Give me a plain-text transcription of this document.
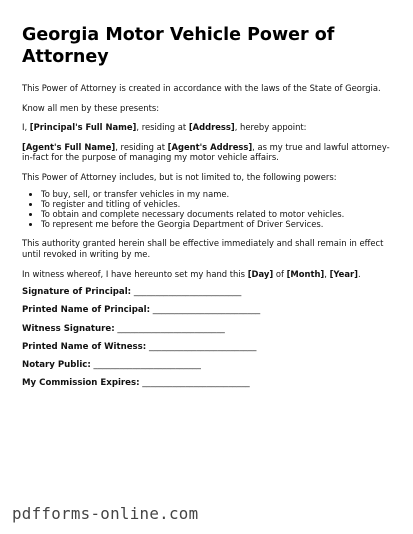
Georgia Motor Vehicle Power of Attorney

This Power of Attorney is created in accordance with the laws of the State of Georgia.

Know all men by these presents:

I, [Principal's Full Name], residing at [Address], hereby appoint:

[Agent's Full Name], residing at [Agent's Address], as my true and lawful attorney-in-fact for the purpose of managing my motor vehicle affairs.

This Power of Attorney includes, but is not limited to, the following powers:

• To buy, sell, or transfer vehicles in my name.
• To register and titling of vehicles.
• To obtain and complete necessary documents related to motor vehicles.
• To represent me before the Georgia Department of Driver Services.

This authority granted herein shall be effective immediately and shall remain in effect until revoked in writing by me.

In witness whereof, I have hereunto set my hand this [Day] of [Month], [Year].

Signature of Principal: _________________________
Printed Name of Principal: _________________________
Witness Signature: _________________________
Printed Name of Witness: _________________________
Notary Public: _________________________
My Commission Expires: _________________________
pdfforms-online.com
